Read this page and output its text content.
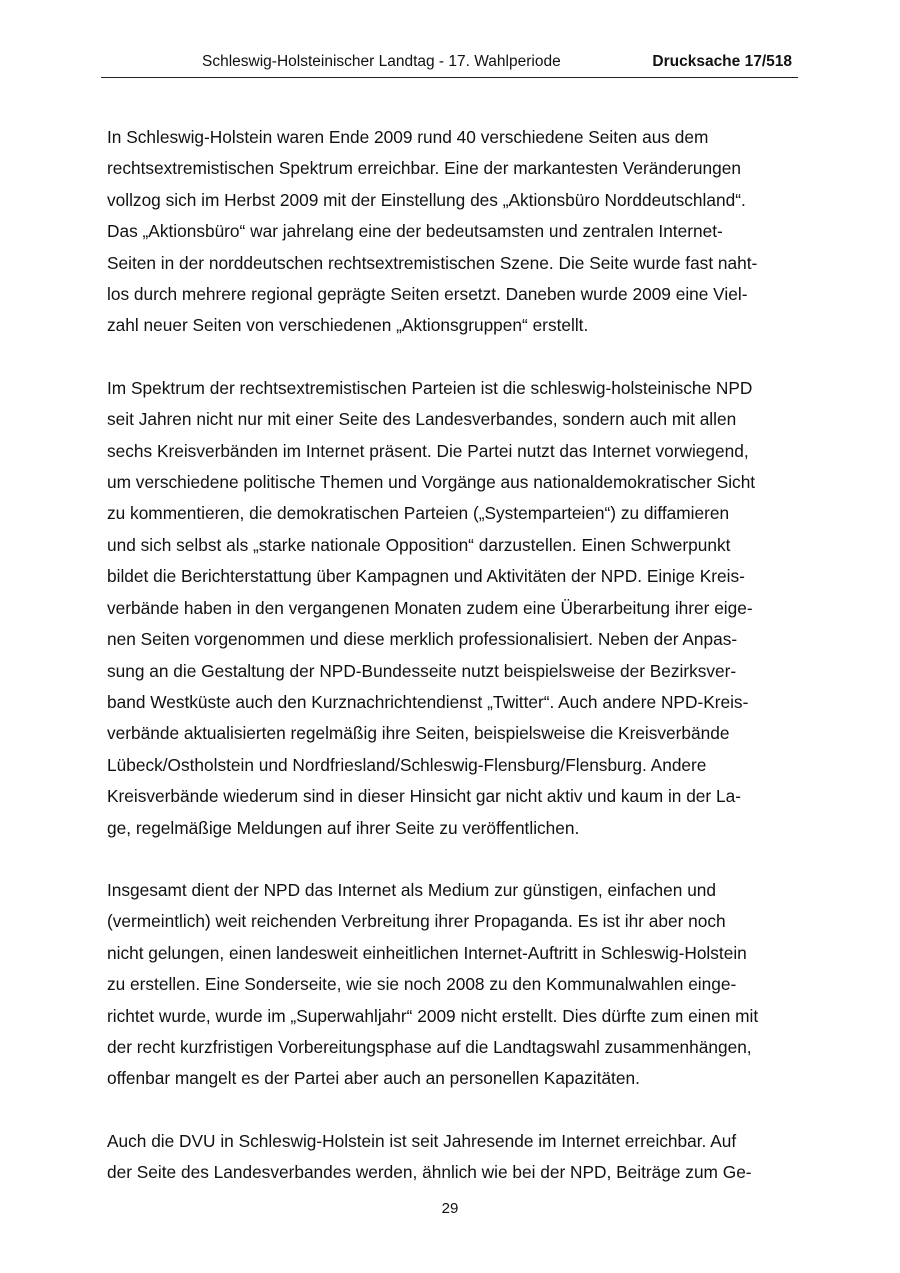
Schleswig-Holsteinischer Landtag - 17. Wahlperiode	Drucksache 17/518

In Schleswig-Holstein waren Ende 2009 rund 40 verschiedene Seiten aus dem
rechtsextremistischen Spektrum erreichbar. Eine der markantesten Veränderungen
vollzog sich im Herbst 2009 mit der Einstellung des „Aktionsbüro Norddeutschland“.
Das „Aktionsbüro“ war jahrelang eine der bedeutsamsten und zentralen Internet-
Seiten in der norddeutschen rechtsextremistischen Szene. Die Seite wurde fast naht-
los durch mehrere regional geprägte Seiten ersetzt. Daneben wurde 2009 eine Viel-
zahl neuer Seiten von verschiedenen „Aktionsgruppen“ erstellt.

Im Spektrum der rechtsextremistischen Parteien ist die schleswig-holsteinische NPD
seit Jahren nicht nur mit einer Seite des Landesverbandes, sondern auch mit allen
sechs Kreisverbänden im Internet präsent. Die Partei nutzt das Internet vorwiegend,
um verschiedene politische Themen und Vorgänge aus nationaldemokratischer Sicht
zu kommentieren, die demokratischen Parteien („Systemparteien“) zu diffamieren
und sich selbst als „starke nationale Opposition“ darzustellen. Einen Schwerpunkt
bildet die Berichterstattung über Kampagnen und Aktivitäten der NPD. Einige Kreis-
verbände haben in den vergangenen Monaten zudem eine Überarbeitung ihrer eige-
nen Seiten vorgenommen und diese merklich professionalisiert. Neben der Anpas-
sung an die Gestaltung der NPD-Bundesseite nutzt beispielsweise der Bezirksver-
band Westküste auch den Kurznachrichtendienst „Twitter“. Auch andere NPD-Kreis-
verbände aktualisierten regelmäßig ihre Seiten, beispielsweise die Kreisverbände
Lübeck/Ostholstein und Nordfriesland/Schleswig-Flensburg/Flensburg. Andere
Kreisverbände wiederum sind in dieser Hinsicht gar nicht aktiv und kaum in der La-
ge, regelmäßige Meldungen auf ihrer Seite zu veröffentlichen.

Insgesamt dient der NPD das Internet als Medium zur günstigen, einfachen und
(vermeintlich) weit reichenden Verbreitung ihrer Propaganda. Es ist ihr aber noch
nicht gelungen, einen landesweit einheitlichen Internet-Auftritt in Schleswig-Holstein
zu erstellen. Eine Sonderseite, wie sie noch 2008 zu den Kommunalwahlen einge-
richtet wurde, wurde im „Superwahljahr“ 2009 nicht erstellt. Dies dürfte zum einen mit
der recht kurzfristigen Vorbereitungsphase auf die Landtagswahl zusammenhängen,
offenbar mangelt es der Partei aber auch an personellen Kapazitäten.

Auch die DVU in Schleswig-Holstein ist seit Jahresende im Internet erreichbar. Auf
der Seite des Landesverbandes werden, ähnlich wie bei der NPD, Beiträge zum Ge-

29
